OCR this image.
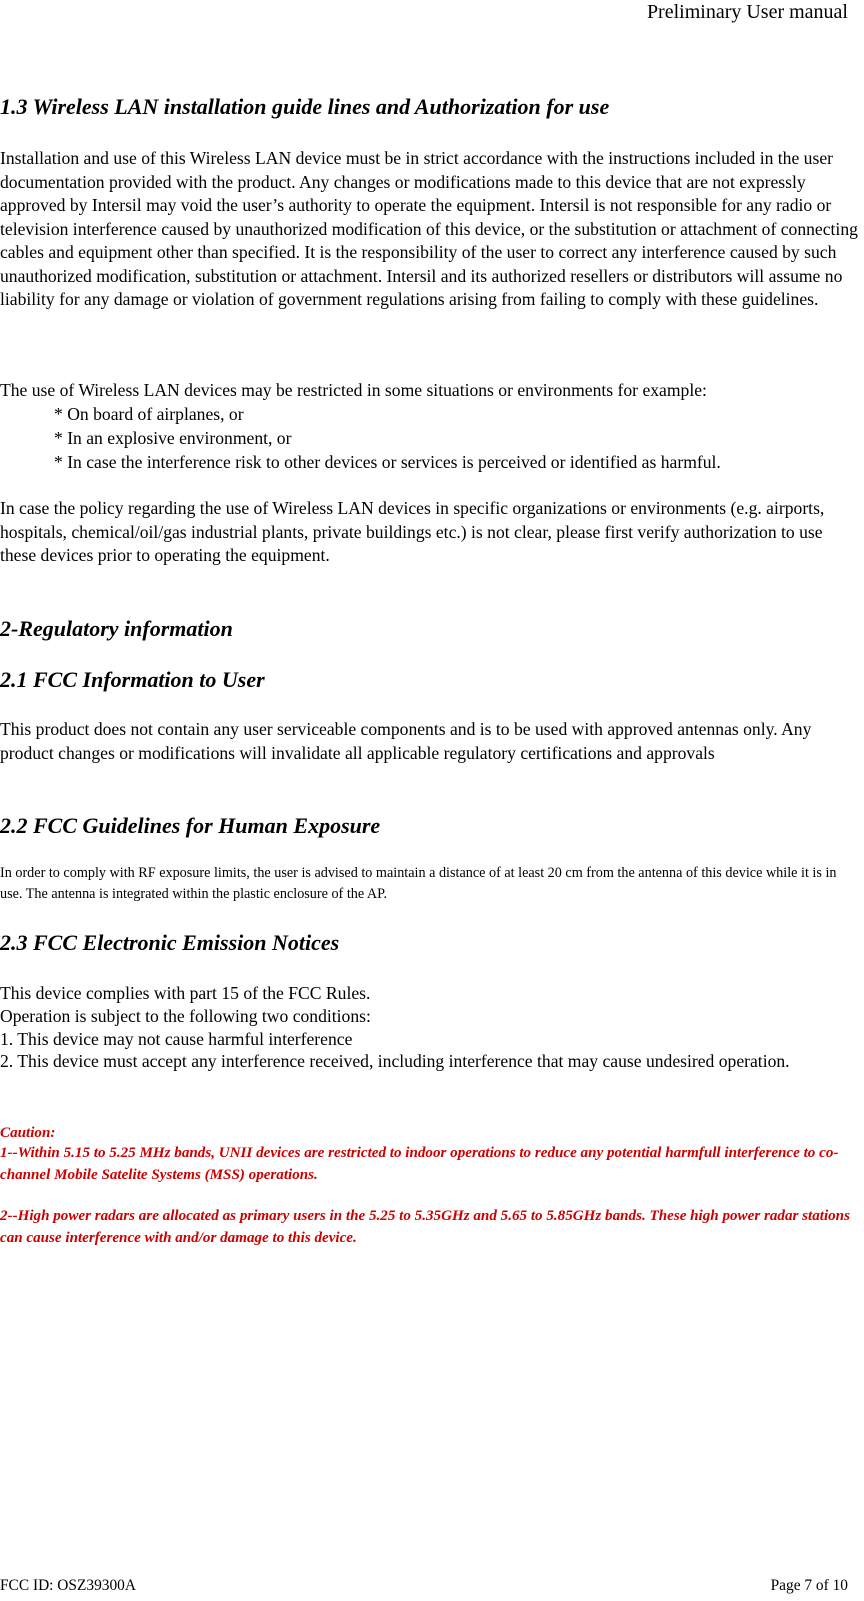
Preliminary User manual
1.3 Wireless LAN installation guide lines and Authorization for use

Installation and use of this Wireless LAN device must be in strict accordance with the instructions included in the user documentation provided with the product. Any changes or modifications made to this device that are not expressly approved by Intersil may void the user’s authority to operate the equipment. Intersil is not responsible for any radio or television interference caused by unauthorized modification of this device, or the substitution or attachment of connecting cables and equipment other than specified. It is the responsibility of the user to correct any interference caused by such unauthorized modification, substitution or attachment. Intersil and its authorized resellers or distributors will assume no liability for any damage or violation of government regulations arising from failing to comply with these guidelines.

The use of Wireless LAN devices may be restricted in some situations or environments for example:

* On board of airplanes, or

* In an explosive environment, or

* In case the interference risk to other devices or services is perceived or identified as harmful.

In case the policy regarding the use of Wireless LAN devices in specific organizations or environments (e.g. airports, hospitals, chemical/oil/gas industrial plants, private buildings etc.) is not clear, please first verify authorization to use these devices prior to operating the equipment.

2-Regulatory information
2.1 FCC Information to User

This product does not contain any user serviceable components and is to be used with approved antennas only. Any product changes or modifications will invalidate all applicable regulatory certifications and approvals

2.2 FCC Guidelines for Human Exposure

In order to comply with RF exposure limits, the user is advised to maintain a distance of at least 20 cm from the antenna of this device while it is in use. The antenna is integrated within the plastic enclosure of the AP.

2.3 FCC Electronic Emission Notices

This device complies with part 15 of the FCC Rules.

Operation is subject to the following two conditions:

1. This device may not cause harmful interference

2. This device must accept any interference received, including interference that may cause undesired operation.

Caution:

1--Within 5.15 to 5.25 MHz bands, UNII devices are restricted to indoor operations to reduce any potential harmfull interference to co-channel Mobile Satelite Systems (MSS) operations.

2--High power radars are allocated as primary users in the 5.25 to 5.35GHz and 5.65 to 5.85GHz bands. These high power radar stations can cause interference with and/or damage to this device.

FCC ID: OSZ39300A	Page 7 of 10
